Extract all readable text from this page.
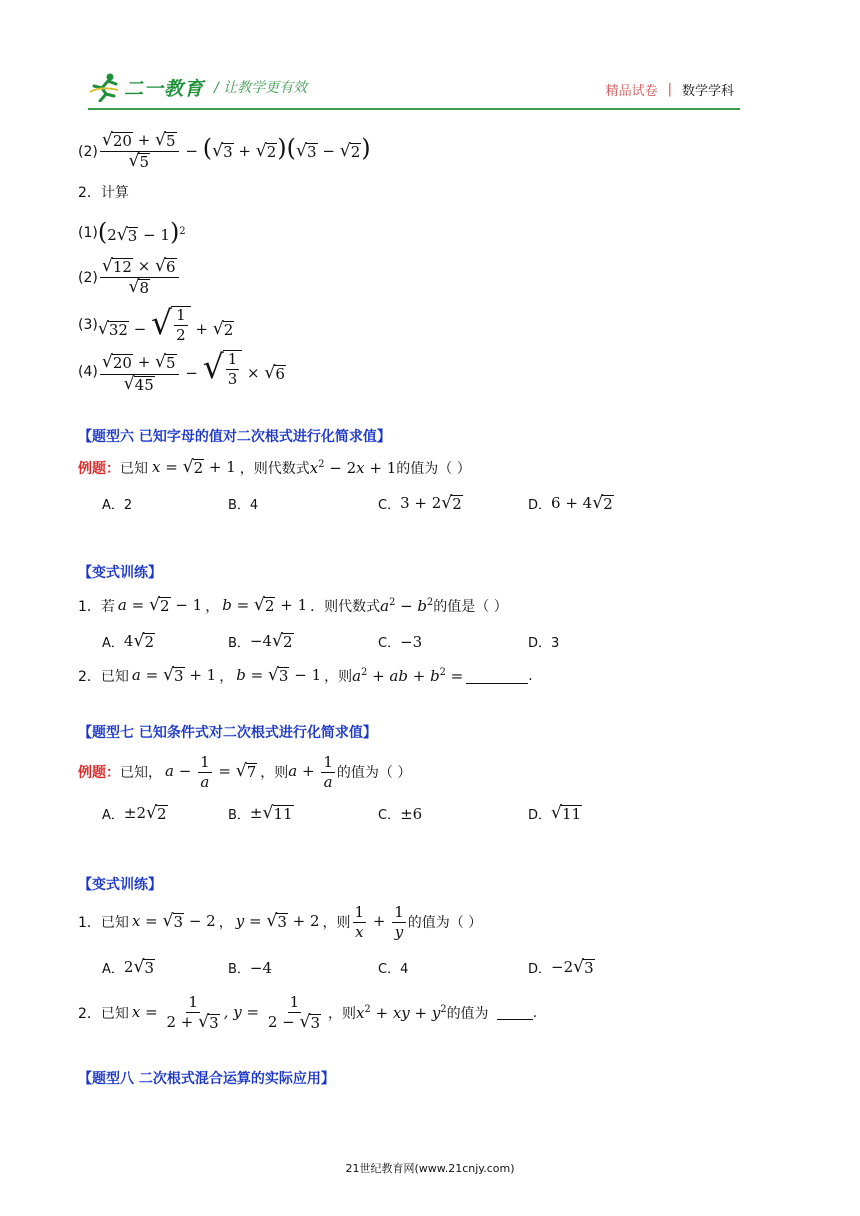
二一教育 / 让教学更有效	精品试卷 | 数学学科
$(2) \frac{√ 20 + √ 5}{√ 5}$ − ( √ 3 + √ 2 )( √ 3 − √ 2 )
2．计算
(1) (2 √ 3 − 1)$^2$
$(2) \frac{√ 12 \times √ 6}{√ 8}$
(3) √ 32 − √ $\frac{1}{2}$ + √ 2
$(4) \frac{√ 20 + √ 5}{√ 45}$ − √ $\frac{1}{3}$ × √ 6
【题型六 已知字母的值对二次根式进行化简求值】
例题： 已知 x = √ 2 + 1 ，则代数式 $x^2 - 2x + 1$ 的值为（ ）
A．2	B．4	C． 3 + 2 √ 2	D． 6 + 4 √ 2
【变式训练】
1．若 a = √ 2 − 1 ， b = √ 2 + 1 ．则代数式 $a^2 - b^2$ 的值是（ ）
A． 4 √ 2	B． −4 √ 2	C． −3	D．3
2．已知 a = √ 3 + 1 ， b = √ 3 − 1 ，则 $a^2$ + ab + $b^2$ =	.
【题型七 已知条件式对二次根式进行化简求值】
例题： 已知， $a - \frac{1}{a}$ = √ 7 ，则 $a + \frac{1}{a}$ 的值为（ ）
A． ±2 √ 2	B． ± √ 11	C． ±6	D． √ 11
【变式训练】
1．已知 x = √ 3 − 2 ， y = √ 3 + 2 ，则 $\frac{1}{x} + \frac{1}{y}$ 的值为（ ）
A． 2 √ 3	B． −4	C．4	D． −2 √ 3
2．已知 $x = \frac{1}{2 + √ 3}$ , $y = \frac{1}{2 - √ 3}$ ，则 $x^2$ + xy + $y^2$ 的值为	.
【题型八 二次根式混合运算的实际应用】
21世纪教育网(www.21cnjy.com)
